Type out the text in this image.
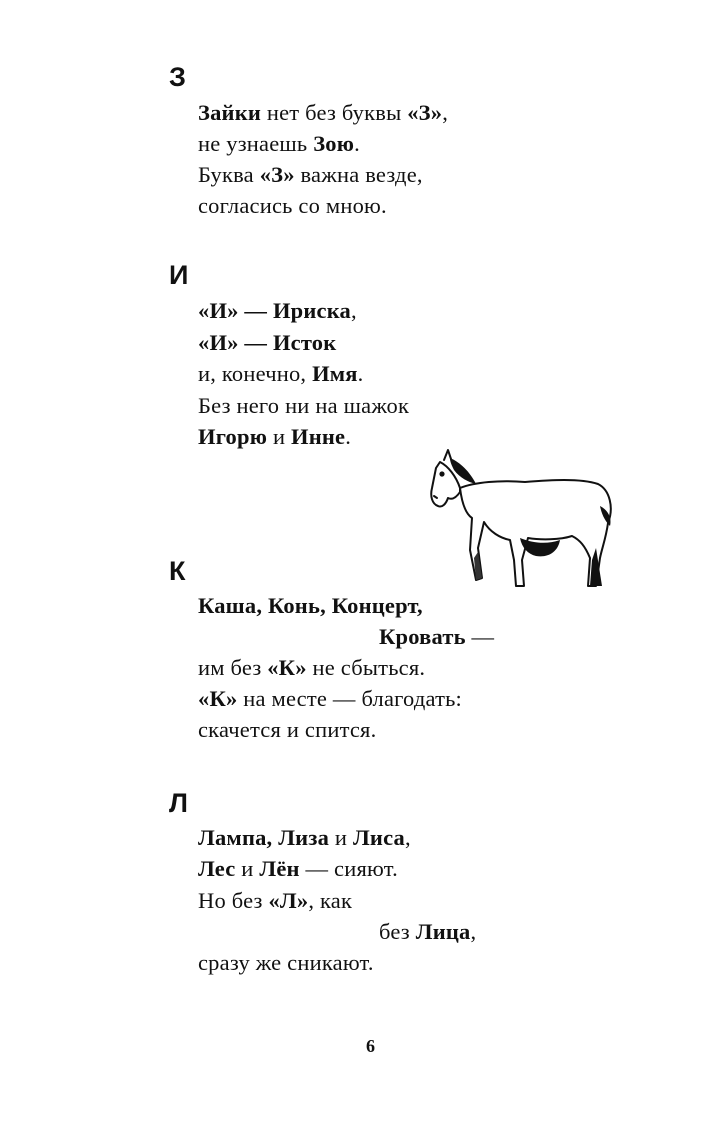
З
Зайки нет без буквы «З»,
не узнаешь Зою.
Буква «З» важна везде,
согласись со мною.
И
«И» — Ириска,
«И» — Исток
и, конечно, Имя.
Без него ни на шажок
Игорю и Инне.
К
Каша, Конь, Концерт,
Кровать —
им без «К» не сбыться.
«К» на месте — благодать:
скачется и спится.
Л
Лампа, Лиза и Лиса,
Лес и Лён — сияют.
Но без «Л», как
без Лица,
сразу же сникают.
6
